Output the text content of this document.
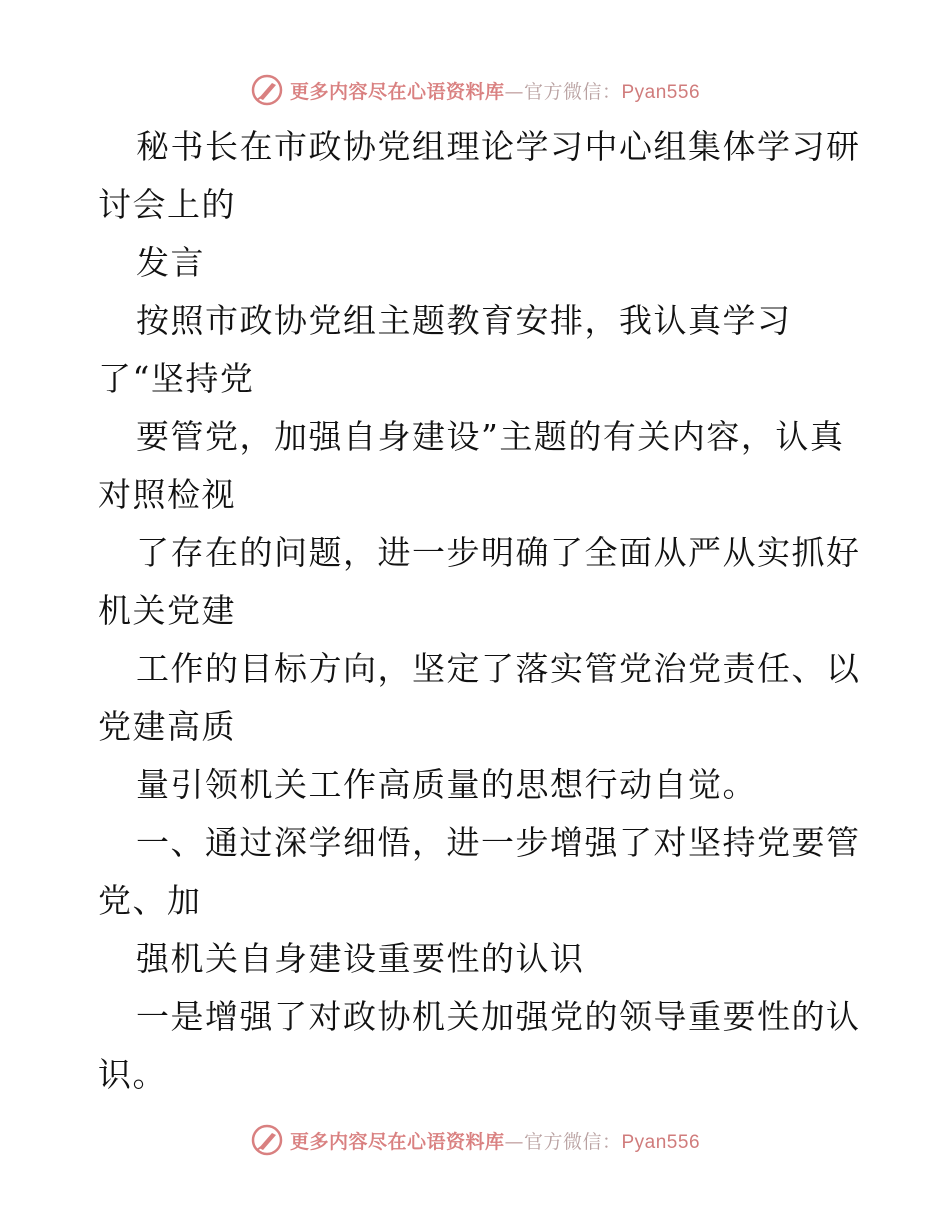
更多内容尽在心语资料库—官方微信：Pyan556
秘书长在市政协党组理论学习中心组集体学习研
讨会上的
发言
按照市政协党组主题教育安排，我认真学习
了“坚持党
要管党，加强自身建设”主题的有关内容，认真
对照检视
了存在的问题，进一步明确了全面从严从实抓好
机关党建
工作的目标方向，坚定了落实管党治党责任、以
党建高质
量引领机关工作高质量的思想行动自觉。
一、通过深学细悟，进一步增强了对坚持党要管
党、加
强机关自身建设重要性的认识
一是增强了对政协机关加强党的领导重要性的认
识。
更多内容尽在心语资料库—官方微信：Pyan556
